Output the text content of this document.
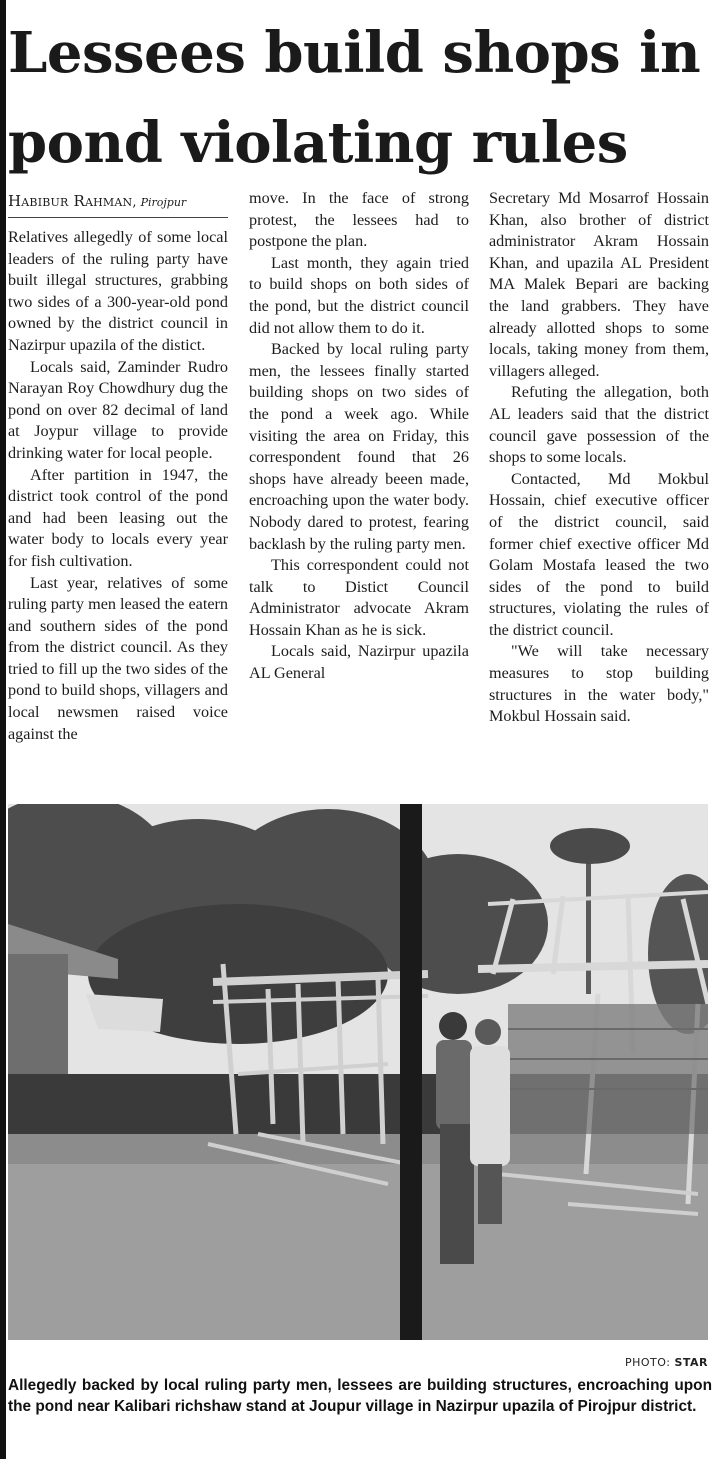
Lessees build shops in pond violating rules
Habibur Rahman, Pirojpur

Relatives allegedly of some local leaders of the ruling party have built illegal structures, grabbing two sides of a 300-year-old pond owned by the district council in Nazirpur upazila of the distict.

Locals said, Zaminder Rudro Narayan Roy Chowdhury dug the pond on over 82 decimal of land at Joypur village to provide drinking water for local people.

After partition in 1947, the district took control of the pond and had been leasing out the water body to locals every year for fish cultivation.

Last year, relatives of some ruling party men leased the eatern and southern sides of the pond from the district council. As they tried to fill up the two sides of the pond to build shops, villagers and local newsmen raised voice against the

move. In the face of strong protest, the lessees had to postpone the plan.

Last month, they again tried to build shops on both sides of the pond, but the district council did not allow them to do it.

Backed by local ruling party men, the lessees finally started building shops on two sides of the pond a week ago. While visiting the area on Friday, this correspondent found that 26 shops have already beeen made, encroaching upon the water body. Nobody dared to protest, fearing backlash by the ruling party men.

This correspondent could not talk to Distict Council Administrator advocate Akram Hossain Khan as he is sick.

Locals said, Nazirpur upazila AL General

Secretary Md Mosarrof Hossain Khan, also brother of district administrator Akram Hossain Khan, and upazila AL President MA Malek Bepari are backing the land grabbers. They have already allotted shops to some locals, taking money from them, villagers alleged.

Refuting the allegation, both AL leaders said that the district council gave possession of the shops to some locals.

Contacted, Md Mokbul Hossain, chief executive officer of the district council, said former chief exective officer Md Golam Mostafa leased the two sides of the pond to build structures, violating the rules of the district council.

"We will take necessary measures to stop building structures in the water body," Mokbul Hossain said.

PHOTO: STAR
Allegedly backed by local ruling party men, lessees are building structures, encroaching upon the pond near Kalibari richshaw stand at Joupur village in Nazirpur upazila of Pirojpur district.
